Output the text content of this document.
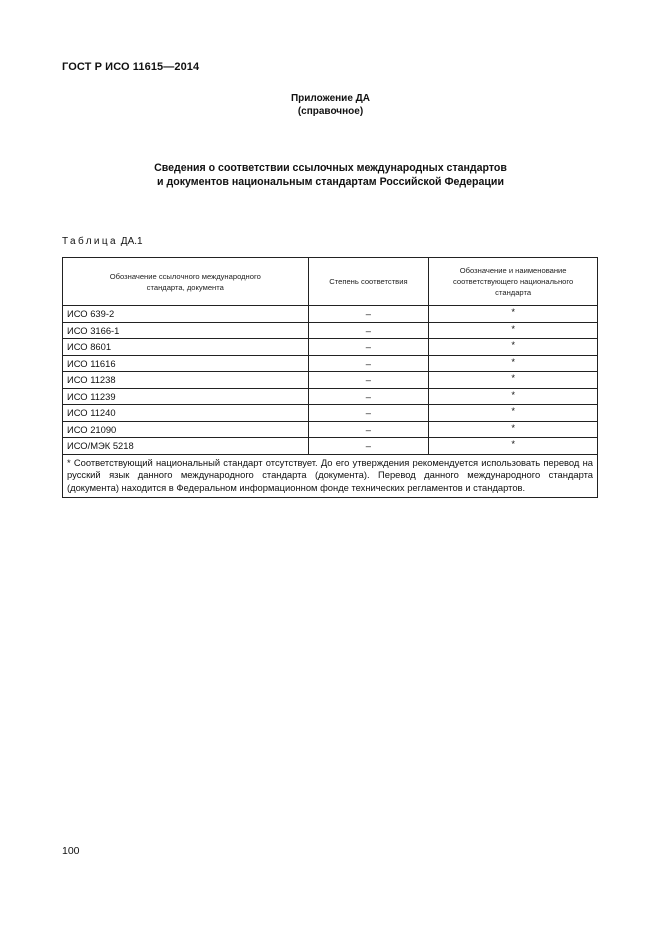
ГОСТ Р ИСО 11615—2014
Приложение ДА
(справочное)
Сведения о соответствии ссылочных международных стандартов
и документов национальным стандартам Российской Федерации
Таблица ДА.1
Обозначение ссылочного международного стандарта, документа	Степень соответствия	Обозначение и наименование соответствующего национального стандарта
ИСО 639-2	–	*
ИСО 3166-1	–	*
ИСО 8601	–	*
ИСО 11616	–	*
ИСО 11238	–	*
ИСО 11239	–	*
ИСО 11240	–	*
ИСО 21090	–	*
ИСО/МЭК 5218	–	*
* Соответствующий национальный стандарт отсутствует. До его утверждения рекомендуется использовать перевод на русский язык данного международного стандарта (документа). Перевод данного международного стандарта (документа) находится в Федеральном информационном фонде технических регламентов и стандартов.		
100
